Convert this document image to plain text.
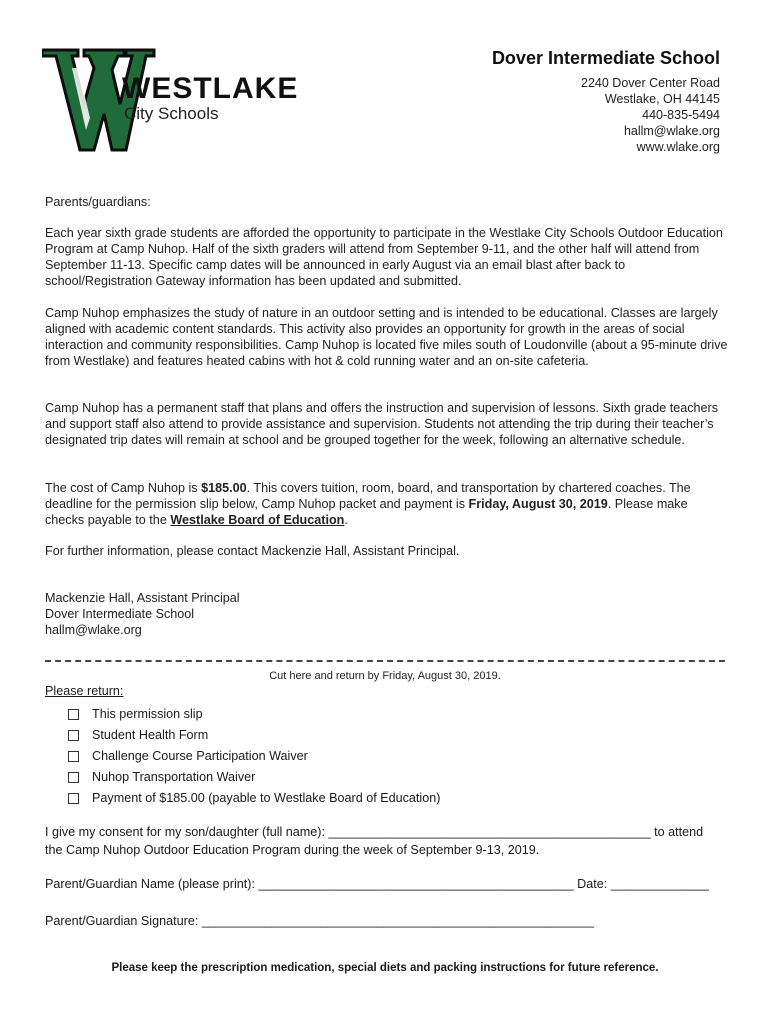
WESTLAKE
City Schools
Dover Intermediate School
2240 Dover Center Road
Westlake, OH 44145
440-835-5494
hallm@wlake.org
www.wlake.org

Parents/guardians:

Each year sixth grade students are afforded the opportunity to participate in the Westlake City Schools Outdoor Education Program at Camp Nuhop. Half of the sixth graders will attend from September 9-11, and the other half will attend from September 11-13. Specific camp dates will be announced in early August via an email blast after back to school/Registration Gateway information has been updated and submitted.

Camp Nuhop emphasizes the study of nature in an outdoor setting and is intended to be educational. Classes are largely aligned with academic content standards. This activity also provides an opportunity for growth in the areas of social interaction and community responsibilities. Camp Nuhop is located five miles south of Loudonville (about a 95-minute drive from Westlake) and features heated cabins with hot & cold running water and an on-site cafeteria.

Camp Nuhop has a permanent staff that plans and offers the instruction and supervision of lessons. Sixth grade teachers and support staff also attend to provide assistance and supervision. Students not attending the trip during their teacher’s designated trip dates will remain at school and be grouped together for the week, following an alternative schedule.

The cost of Camp Nuhop is $185.00. This covers tuition, room, board, and transportation by chartered coaches. The deadline for the permission slip below, Camp Nuhop packet and payment is Friday, August 30, 2019. Please make checks payable to the Westlake Board of Education.

For further information, please contact Mackenzie Hall, Assistant Principal.

Mackenzie Hall, Assistant Principal
Dover Intermediate School
hallm@wlake.org
Cut here and return by Friday, August 30, 2019.
Please return:
This permission slip
Student Health Form
Challenge Course Participation Waiver
Nuhop Transportation Waiver
Payment of $185.00 (payable to Westlake Board of Education)
I give my consent for my son/daughter (full name): ______________________________________________ to attend
the Camp Nuhop Outdoor Education Program during the week of September 9-13, 2019.
Parent/Guardian Name (please print): _____________________________________________ Date: ______________
Parent/Guardian Signature: ________________________________________________________
Please keep the prescription medication, special diets and packing instructions for future reference.
